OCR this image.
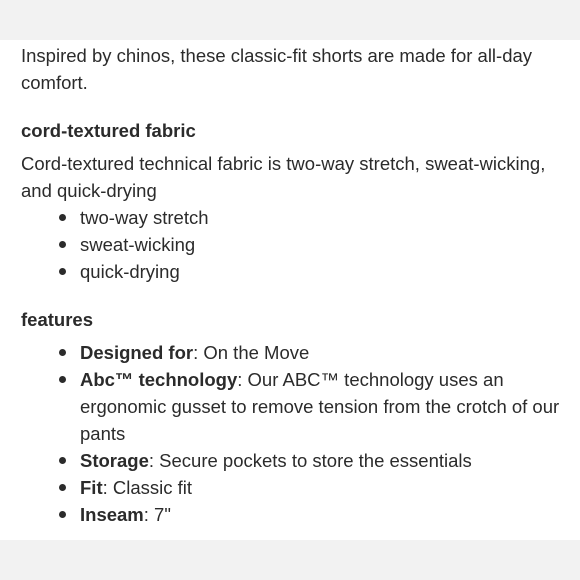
Inspired by chinos, these classic-fit shorts are made for all-day comfort.

cord-textured fabric

Cord-textured technical fabric is two-way stretch, sweat-wicking, and quick-drying

two-way stretch
sweat-wicking
quick-drying
features
Designed for: On the Move
Abc™ technology: Our ABC™ technology uses an ergonomic gusset to remove tension from the crotch of our pants
Storage: Secure pockets to store the essentials
Fit: Classic fit
Inseam: 7"
